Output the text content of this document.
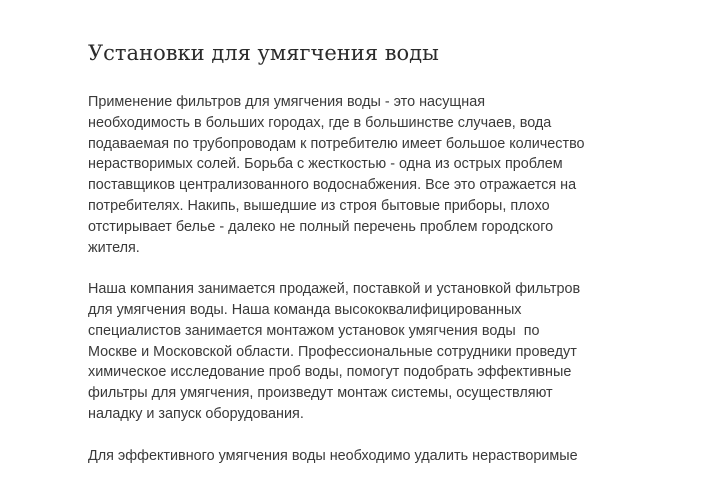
Установки для умягчения воды

Применение фильтров для умягчения воды - это насущная
необходимость в больших городах, где в большинстве случаев, вода
подаваемая по трубопроводам к потребителю имеет большое количество
нерастворимых солей. Борьба с жесткостью - одна из острых проблем
поставщиков централизованного водоснабжения. Все это отражается на
потребителях. Накипь, вышедшие из строя бытовые приборы, плохо
отстирывает белье - далеко не полный перечень проблем городского
жителя.

Наша компания занимается продажей, поставкой и установкой фильтров
для умягчения воды. Наша команда высококвалифицированных
специалистов занимается монтажом установок умягчения воды  по
Москве и Московской области. Профессиональные сотрудники проведут
химическое исследование проб воды, помогут подобрать эффективные
фильтры для умягчения, произведут монтаж системы, осуществляют
наладку и запуск оборудования.

Для эффективного умягчения воды необходимо удалить нерастворимые
